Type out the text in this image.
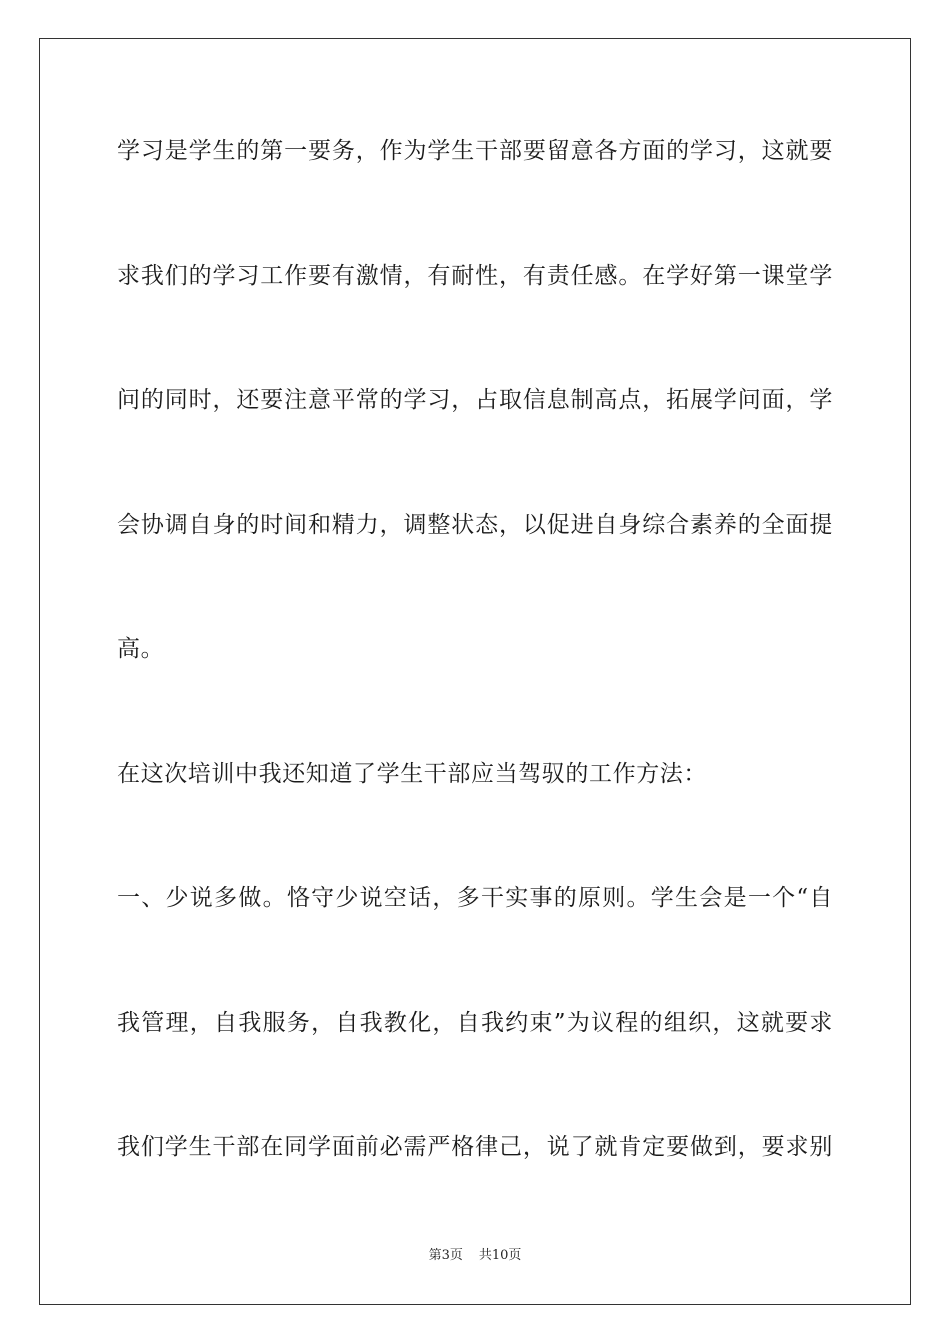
学习是学生的第一要务，作为学生干部要留意各方面的学习，这就要
求我们的学习工作要有激情，有耐性，有责任感。在学好第一课堂学
问的同时，还要注意平常的学习，占取信息制高点，拓展学问面，学
会协调自身的时间和精力，调整状态，以促进自身综合素养的全面提
高。
在这次培训中我还知道了学生干部应当驾驭的工作方法：
一、少说多做。恪守少说空话，多干实事的原则。学生会是一个“自
我管理，自我服务，自我教化，自我约束”为议程的组织，这就要求
我们学生干部在同学面前必需严格律己，说了就肯定要做到，要求别
第3页 共10页
